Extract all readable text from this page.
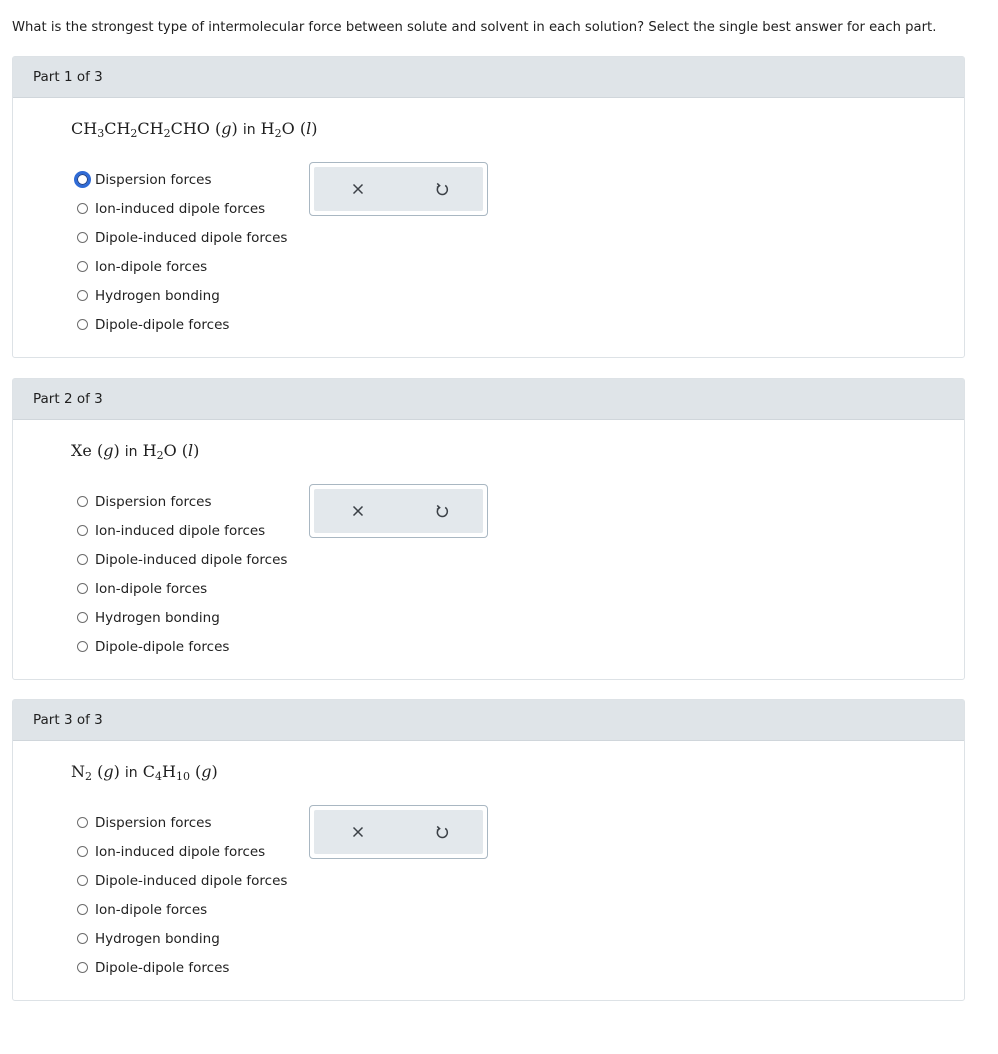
What is the strongest type of intermolecular force between solute and solvent in each solution? Select the single best answer for each part.
Part 1 of 3
$CH_3CH_2CH_2CHO$ (g) in $H_2O$ (l)
Dispersion forces
Ion-induced dipole forces
Dipole-induced dipole forces
Ion-dipole forces
Hydrogen bonding
Dipole-dipole forces
Part 2 of 3
Xe (g) in $H_2O$ (l)
Dispersion forces
Ion-induced dipole forces
Dipole-induced dipole forces
Ion-dipole forces
Hydrogen bonding
Dipole-dipole forces
Part 3 of 3
$N_2$ (g) in $C_4H_{10}$ (g)
Dispersion forces
Ion-induced dipole forces
Dipole-induced dipole forces
Ion-dipole forces
Hydrogen bonding
Dipole-dipole forces
